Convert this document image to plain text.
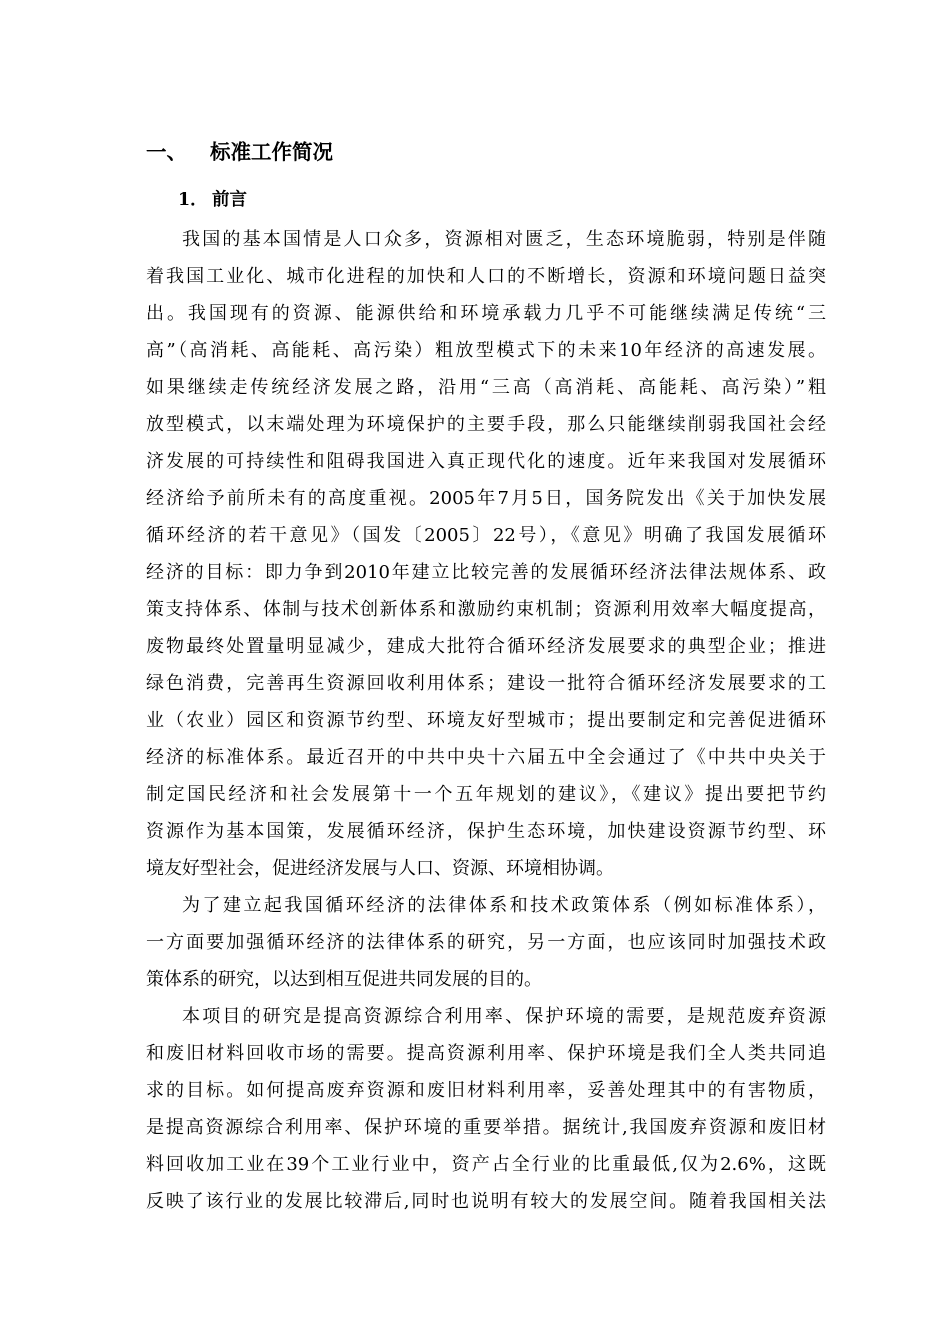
一、 标准工作简况
1． 前言
我国的基本国情是人口众多，资源相对匮乏，生态环境脆弱，特别是伴随
着我国工业化、城市化进程的加快和人口的不断增长，资源和环境问题日益突
出。我国现有的资源、能源供给和环境承载力几乎不可能继续满足传统“三
高”（高消耗、高能耗、高污染）粗放型模式下的未来10年经济的高速发展。
如果继续走传统经济发展之路，沿用“三高（高消耗、高能耗、高污染）”粗
放型模式，以末端处理为环境保护的主要手段，那么只能继续削弱我国社会经
济发展的可持续性和阻碍我国进入真正现代化的速度。近年来我国对发展循环
经济给予前所未有的高度重视。2005年7月5日，国务院发出《关于加快发展
循环经济的若干意见》（国发〔2005〕22号），《意见》明确了我国发展循环
经济的目标：即力争到2010年建立比较完善的发展循环经济法律法规体系、政
策支持体系、体制与技术创新体系和激励约束机制；资源利用效率大幅度提高，
废物最终处置量明显减少，建成大批符合循环经济发展要求的典型企业；推进
绿色消费，完善再生资源回收利用体系；建设一批符合循环经济发展要求的工
业（农业）园区和资源节约型、环境友好型城市；提出要制定和完善促进循环
经济的标准体系。最近召开的中共中央十六届五中全会通过了《中共中央关于
制定国民经济和社会发展第十一个五年规划的建议》，《建议》提出要把节约
资源作为基本国策，发展循环经济，保护生态环境，加快建设资源节约型、环
境友好型社会，促进经济发展与人口、资源、环境相协调。
为了建立起我国循环经济的法律体系和技术政策体系（例如标准体系），
一方面要加强循环经济的法律体系的研究，另一方面，也应该同时加强技术政
策体系的研究，以达到相互促进共同发展的目的。
本项目的研究是提高资源综合利用率、保护环境的需要，是规范废弃资源
和废旧材料回收市场的需要。提高资源利用率、保护环境是我们全人类共同追
求的目标。如何提高废弃资源和废旧材料利用率，妥善处理其中的有害物质，
是提高资源综合利用率、保护环境的重要举措。据统计,我国废弃资源和废旧材
料回收加工业在39个工业行业中，资产占全行业的比重最低,仅为2.6%，这既
反映了该行业的发展比较滞后,同时也说明有较大的发展空间。随着我国相关法
